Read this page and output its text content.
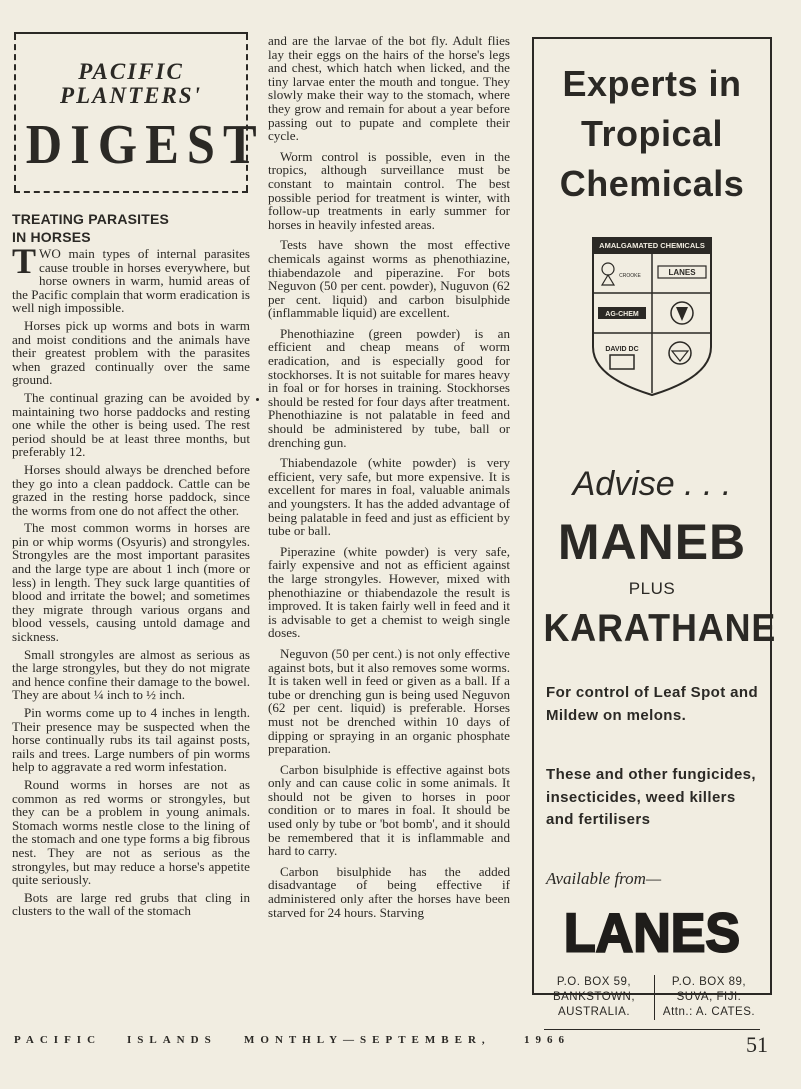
PACIFIC
PLANTERS'
DIGEST
TREATING PARASITES
IN HORSES

TWO main types of internal parasites cause trouble in horses everywhere, but horse owners in warm, humid areas of the Pacific complain that worm eradication is well nigh impossible.

Horses pick up worms and bots in warm and moist conditions and the animals have their greatest problem with the parasites when grazed continually over the same ground.

The continual grazing can be avoided by maintaining two horse paddocks and resting one while the other is being used. The rest period should be at least three months, but preferably 12.

Horses should always be drenched before they go into a clean paddock. Cattle can be grazed in the resting horse paddock, since the worms from one do not affect the other.

The most common worms in horses are pin or whip worms (Osyuris) and strongyles. Strongyles are the most important parasites and the large type are about 1 inch (more or less) in length. They suck large quantities of blood and irritate the bowel; and sometimes they migrate through various organs and blood vessels, causing untold damage and sickness.

Small strongyles are almost as serious as the large strongyles, but they do not migrate and hence confine their damage to the bowel. They are about ¼ inch to ½ inch.

Pin worms come up to 4 inches in length. Their presence may be suspected when the horse continually rubs its tail against posts, rails and trees. Large numbers of pin worms help to aggravate a red worm infestation.

Round worms in horses are not as common as red worms or strongyles, but they can be a problem in young animals. Stomach worms nestle close to the lining of the stomach and one type forms a big fibrous nest. They are not as serious as the strongyles, but may reduce a horse's appetite quite seriously.

Bots are large red grubs that cling in clusters to the wall of the stomach

and are the larvae of the bot fly. Adult flies lay their eggs on the hairs of the horse's legs and chest, which hatch when licked, and the tiny larvae enter the mouth and tongue. They slowly make their way to the stomach, where they grow and remain for about a year before passing out to pupate and complete their cycle.

Worm control is possible, even in the tropics, although surveillance must be constant to maintain control. The best possible period for treatment is winter, with follow-up treatments in early summer for horses in heavily infested areas.

Tests have shown the most effective chemicals against worms as phenothiazine, thiabendazole and piperazine. For bots Neguvon (50 per cent. powder), Nuguvon (62 per cent. liquid) and carbon bisulphide (inflammable liquid) are excellent.

Phenothiazine (green powder) is an efficient and cheap means of worm eradication, and is especially good for stockhorses. It is not suitable for mares heavy in foal or for horses in training. Stockhorses should be rested for four days after treatment. Phenothiazine is not palatable in feed and should be administered by tube, ball or drenching gun.

Thiabendazole (white powder) is very efficient, very safe, but more expensive. It is excellent for mares in foal, valuable animals and youngsters. It has the added advantage of being palatable in feed and just as efficient by tube or ball.

Piperazine (white powder) is very safe, fairly expensive and not as efficient against the large strongyles. However, mixed with phenothiazine or thiabendazole the result is improved. It is taken fairly well in feed and it is advisable to get a chemist to weigh single doses.

Neguvon (50 per cent.) is not only effective against bots, but it also removes some worms. It is taken well in feed or given as a ball. If a tube or drenching gun is being used Neguvon (62 per cent. liquid) is preferable. Horses must not be drenched within 10 days of dipping or spraying in an organic phosphate preparation.

Carbon bisulphide is effective against bots only and can cause colic in some animals. It should not be given to horses in poor condition or to mares in foal. It should be used only by tube or 'bot bomb', and it should be remembered that it is inflammable and hard to carry.

Carbon bisulphide has the added disadvantage of being effective if administered only after the horses have been starved for 24 hours. Starving

Experts in
Tropical
Chemicals
AMALGAMATED CHEMICALS
CROOKE	LANES
AG-CHEM
DAVID DC
Advise . . .
MANEB
PLUS
KARATHANE
For control of Leaf Spot and Mildew on melons.
These and other fungicides, insecticides, weed killers and fertilisers
Available from—
LANES
P.O. BOX 59,
BANKSTOWN,
AUSTRALIA.
P.O. BOX 89,
SUVA, FIJI.
Attn.: A. CATES.
PACIFIC ISLANDS MONTHLY—SEPTEMBER,	1966	51
